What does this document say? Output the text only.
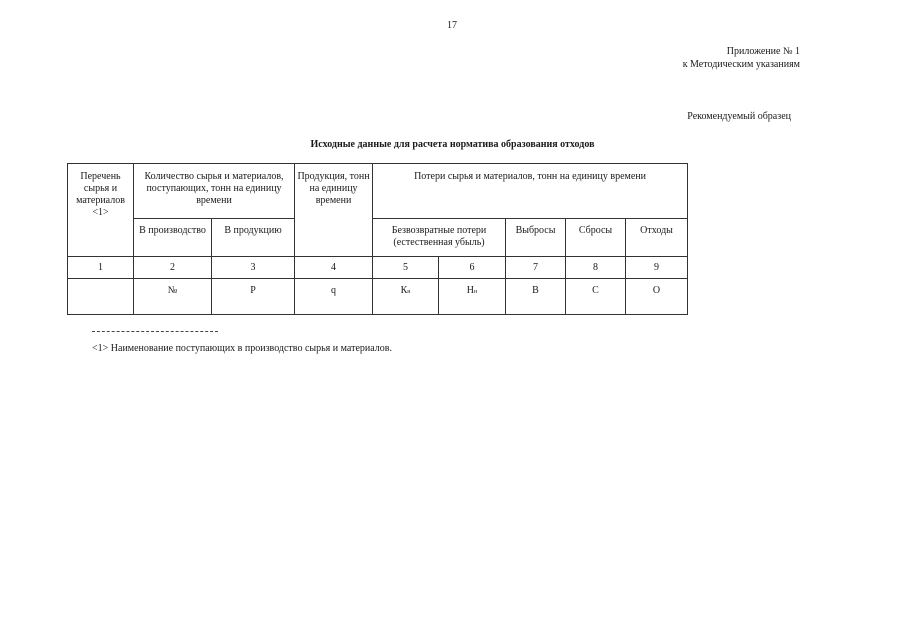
17
Приложение № 1
к Методическим указаниям
Рекомендуемый образец
Исходные данные для расчета норматива образования отходов
Перечень сырья и материалов <1>	Количество сырья и материалов, поступающих, тонн на единицу времени		Продукция, тонн на единицу времени	Потери сырья и материалов, тонн на единицу времени				
	В производство	В продукцию		Безвозвратные потери (естественная убыль)		Выбросы	Сбросы	Отходы
1	2	3	4	5	6	7	8	9
	№	Р	q	Кн	Нн	В	С	О
<1> Наименование поступающих в производство сырья и материалов.
